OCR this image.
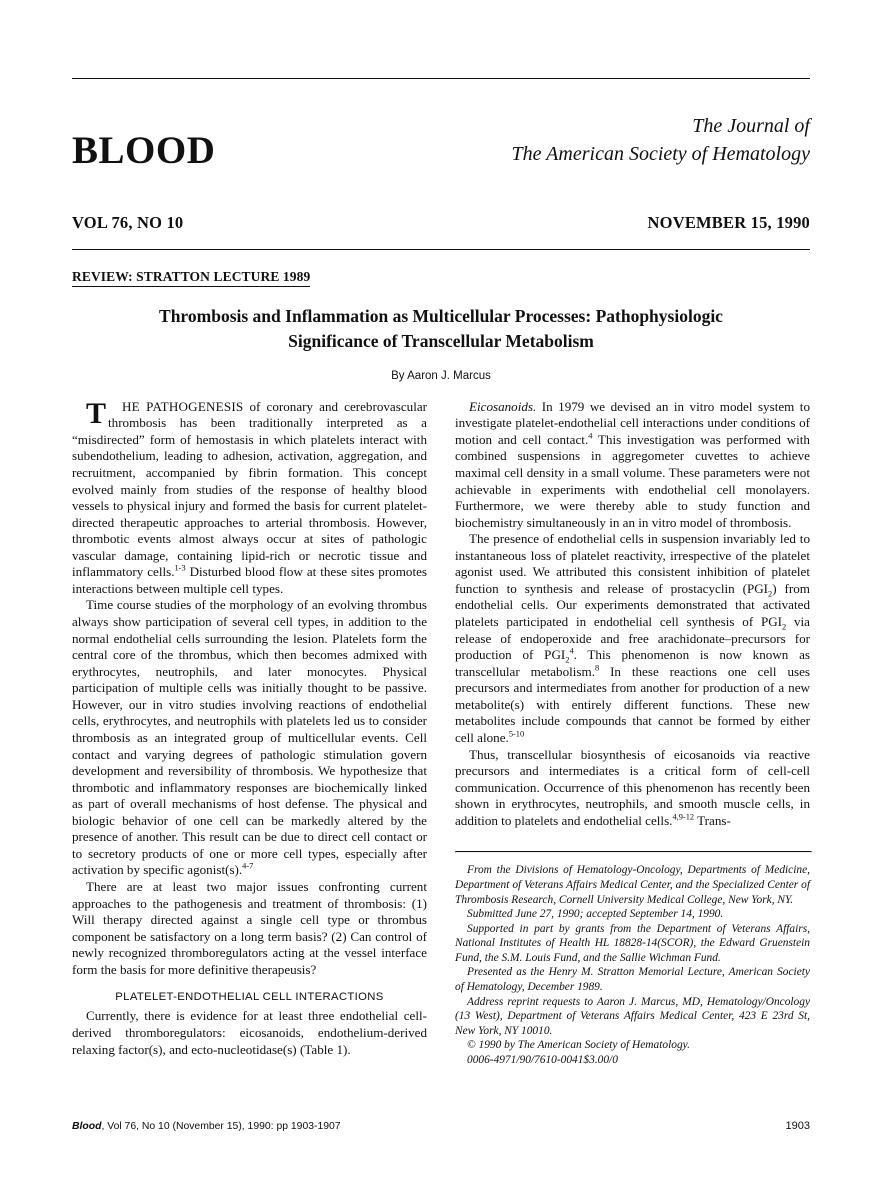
BLOOD
The Journal of
The American Society of Hematology
VOL 76, NO 10	NOVEMBER 15, 1990
REVIEW: STRATTON LECTURE 1989
Thrombosis and Inflammation as Multicellular Processes: Pathophysiologic
Significance of Transcellular Metabolism
By Aaron J. Marcus

T HE PATHOGENESIS of coronary and cerebrovascular thrombosis has been traditionally interpreted as a “misdirected” form of hemostasis in which platelets interact with subendothelium, leading to adhesion, activation, aggregation, and recruitment, accompanied by fibrin formation. This concept evolved mainly from studies of the response of healthy blood vessels to physical injury and formed the basis for current platelet-directed therapeutic approaches to arterial thrombosis. However, thrombotic events almost always occur at sites of pathologic vascular damage, containing lipid-rich or necrotic tissue and inflammatory cells.$^{1-3}$ Disturbed blood flow at these sites promotes interactions between multiple cell types.

Time course studies of the morphology of an evolving thrombus always show participation of several cell types, in addition to the normal endothelial cells surrounding the lesion. Platelets form the central core of the thrombus, which then becomes admixed with erythrocytes, neutrophils, and later monocytes. Physical participation of multiple cells was initially thought to be passive. However, our in vitro studies involving reactions of endothelial cells, erythrocytes, and neutrophils with platelets led us to consider thrombosis as an integrated group of multicellular events. Cell contact and varying degrees of pathologic stimulation govern development and reversibility of thrombosis. We hypothesize that thrombotic and inflammatory responses are biochemically linked as part of overall mechanisms of host defense. The physical and biologic behavior of one cell can be markedly altered by the presence of another. This result can be due to direct cell contact or to secretory products of one or more cell types, especially after activation by specific agonist(s).$^{4-7}$

There are at least two major issues confronting current approaches to the pathogenesis and treatment of thrombosis: (1) Will therapy directed against a single cell type or thrombus component be satisfactory on a long term basis? (2) Can control of newly recognized thromboregulators acting at the vessel interface form the basis for more definitive therapeusis?

PLATELET-ENDOTHELIAL CELL INTERACTIONS

Currently, there is evidence for at least three endothelial cell-derived thromboregulators: eicosanoids, endothelium-derived relaxing factor(s), and ecto-nucleotidase(s) (Table 1).

Eicosanoids. In 1979 we devised an in vitro model system to investigate platelet-endothelial cell interactions under conditions of motion and cell contact.$^4$ This investigation was performed with combined suspensions in aggregometer cuvettes to achieve maximal cell density in a small volume. These parameters were not achievable in experiments with endothelial cell monolayers. Furthermore, we were thereby able to study function and biochemistry simultaneously in an in vitro model of thrombosis.

The presence of endothelial cells in suspension invariably led to instantaneous loss of platelet reactivity, irrespective of the platelet agonist used. We attributed this consistent inhibition of platelet function to synthesis and release of prostacyclin $(PGI_2)$ from endothelial cells. Our experiments demonstrated that activated platelets participated in endothelial cell synthesis of $PGI_2$ via release of endoperoxide and free arachidonate–precursors for production of $PGI_2^4$. This phenomenon is now known as transcellular metabolism.$^8$ In these reactions one cell uses precursors and intermediates from another for production of a new metabolite(s) with entirely different functions. These new metabolites include compounds that cannot be formed by either cell alone.$^{5-10}$

Thus, transcellular biosynthesis of eicosanoids via reactive precursors and intermediates is a critical form of cell-cell communication. Occurrence of this phenomenon has recently been shown in erythrocytes, neutrophils, and smooth muscle cells, in addition to platelets and endothelial cells.$^{4,9-12}$ Trans-

From the Divisions of Hematology-Oncology, Departments of Medicine, Department of Veterans Affairs Medical Center, and the Specialized Center of Thrombosis Research, Cornell University Medical College, New York, NY.

Submitted June 27, 1990; accepted September 14, 1990.

Supported in part by grants from the Department of Veterans Affairs, National Institutes of Health HL 18828-14(SCOR), the Edward Gruenstein Fund, the S.M. Louis Fund, and the Sallie Wichman Fund.

Presented as the Henry M. Stratton Memorial Lecture, American Society of Hematology, December 1989.

Address reprint requests to Aaron J. Marcus, MD, Hematology/Oncology (13 West), Department of Veterans Affairs Medical Center, 423 E 23rd St, New York, NY 10010.

© 1990 by The American Society of Hematology.

0006-4971/90/7610-0041$3.00/0

Blood, Vol 76, No 10 (November 15), 1990: pp 1903-1907	1903
